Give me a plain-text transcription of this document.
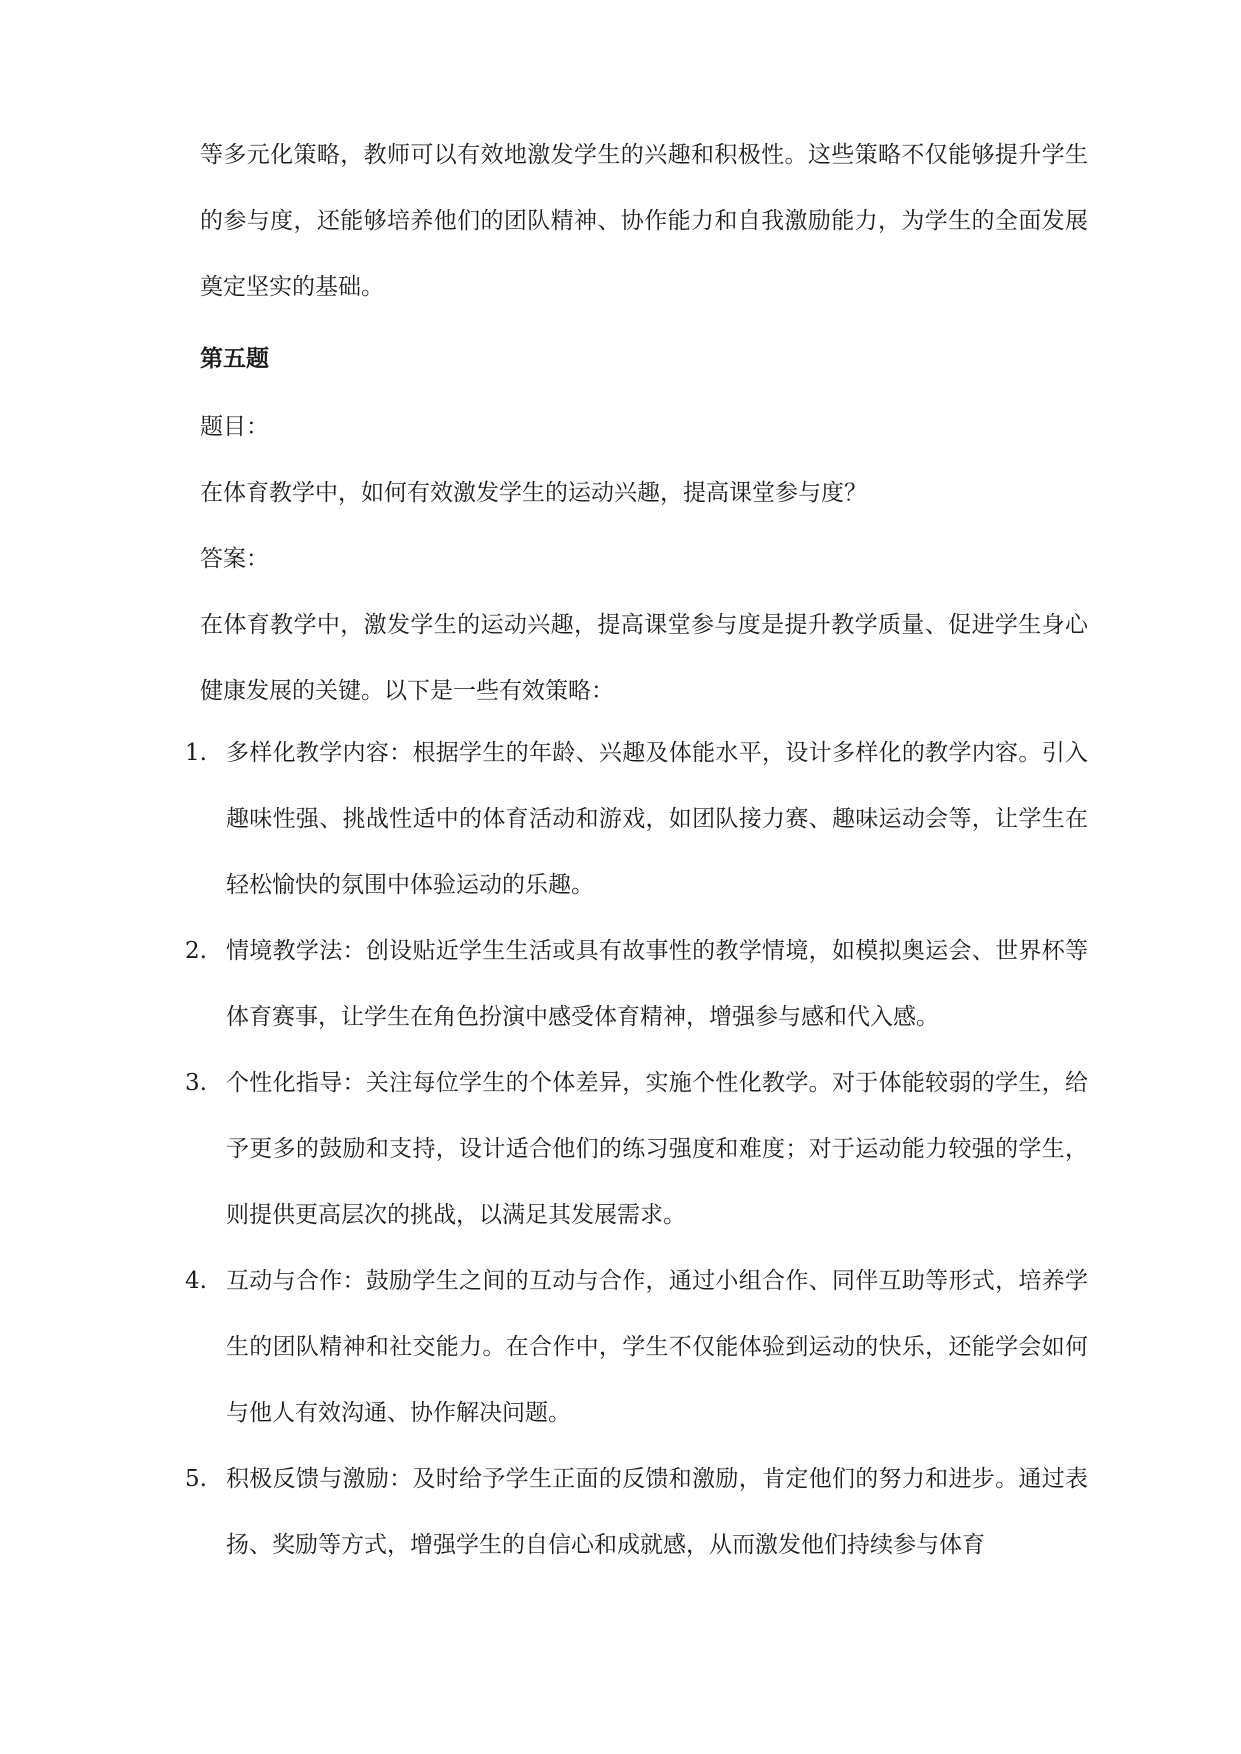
等多元化策略，教师可以有效地激发学生的兴趣和积极性。这些策略不仅能够提升学生的参与度，还能够培养他们的团队精神、协作能力和自我激励能力，为学生的全面发展奠定坚实的基础。

第五题

题目：

在体育教学中，如何有效激发学生的运动兴趣，提高课堂参与度？

答案：

在体育教学中，激发学生的运动兴趣，提高课堂参与度是提升教学质量、促进学生身心健康发展的关键。以下是一些有效策略：

1. 多样化教学内容：根据学生的年龄、兴趣及体能水平，设计多样化的教学内容。引入趣味性强、挑战性适中的体育活动和游戏，如团队接力赛、趣味运动会等，让学生在轻松愉快的氛围中体验运动的乐趣。
2. 情境教学法：创设贴近学生生活或具有故事性的教学情境，如模拟奥运会、世界杯等体育赛事，让学生在角色扮演中感受体育精神，增强参与感和代入感。
3. 个性化指导：关注每位学生的个体差异，实施个性化教学。对于体能较弱的学生，给予更多的鼓励和支持，设计适合他们的练习强度和难度；对于运动能力较强的学生，则提供更高层次的挑战，以满足其发展需求。
4. 互动与合作：鼓励学生之间的互动与合作，通过小组合作、同伴互助等形式，培养学生的团队精神和社交能力。在合作中，学生不仅能体验到运动的快乐，还能学会如何与他人有效沟通、协作解决问题。
5. 积极反馈与激励：及时给予学生正面的反馈和激励，肯定他们的努力和进步。通过表扬、奖励等方式，增强学生的自信心和成就感，从而激发他们持续参与体育
